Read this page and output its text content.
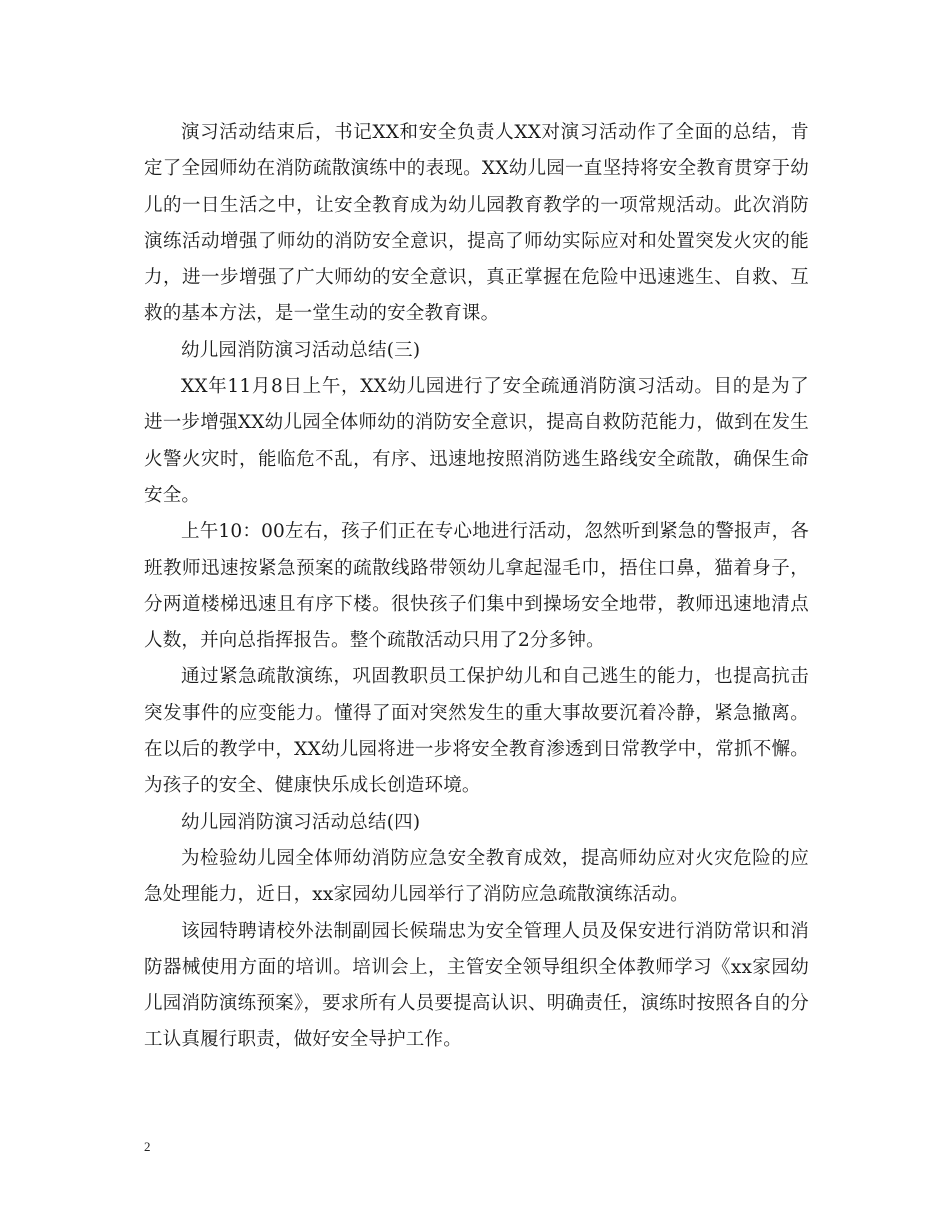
演习活动结束后，书记XX和安全负责人XX对演习活动作了全面的总结，肯定了全园师幼在消防疏散演练中的表现。XX幼儿园一直坚持将安全教育贯穿于幼儿的一日生活之中，让安全教育成为幼儿园教育教学的一项常规活动。此次消防演练活动增强了师幼的消防安全意识，提高了师幼实际应对和处置突发火灾的能力，进一步增强了广大师幼的安全意识，真正掌握在危险中迅速逃生、自救、互救的基本方法，是一堂生动的安全教育课。

幼儿园消防演习活动总结(三)

XX年11月8日上午，XX幼儿园进行了安全疏通消防演习活动。目的是为了进一步增强XX幼儿园全体师幼的消防安全意识，提高自救防范能力，做到在发生火警火灾时，能临危不乱，有序、迅速地按照消防逃生路线安全疏散，确保生命安全。

上午10：00左右，孩子们正在专心地进行活动，忽然听到紧急的警报声，各班教师迅速按紧急预案的疏散线路带领幼儿拿起湿毛巾，捂住口鼻，猫着身子，分两道楼梯迅速且有序下楼。很快孩子们集中到操场安全地带，教师迅速地清点人数，并向总指挥报告。整个疏散活动只用了2分多钟。

通过紧急疏散演练，巩固教职员工保护幼儿和自己逃生的能力，也提高抗击突发事件的应变能力。懂得了面对突然发生的重大事故要沉着冷静，紧急撤离。在以后的教学中，XX幼儿园将进一步将安全教育渗透到日常教学中，常抓不懈。为孩子的安全、健康快乐成长创造环境。

幼儿园消防演习活动总结(四)

为检验幼儿园全体师幼消防应急安全教育成效，提高师幼应对火灾危险的应急处理能力，近日，xx家园幼儿园举行了消防应急疏散演练活动。

该园特聘请校外法制副园长候瑞忠为安全管理人员及保安进行消防常识和消防器械使用方面的培训。培训会上，主管安全领导组织全体教师学习《xx家园幼儿园消防演练预案》，要求所有人员要提高认识、明确责任，演练时按照各自的分工认真履行职责，做好安全导护工作。

2
